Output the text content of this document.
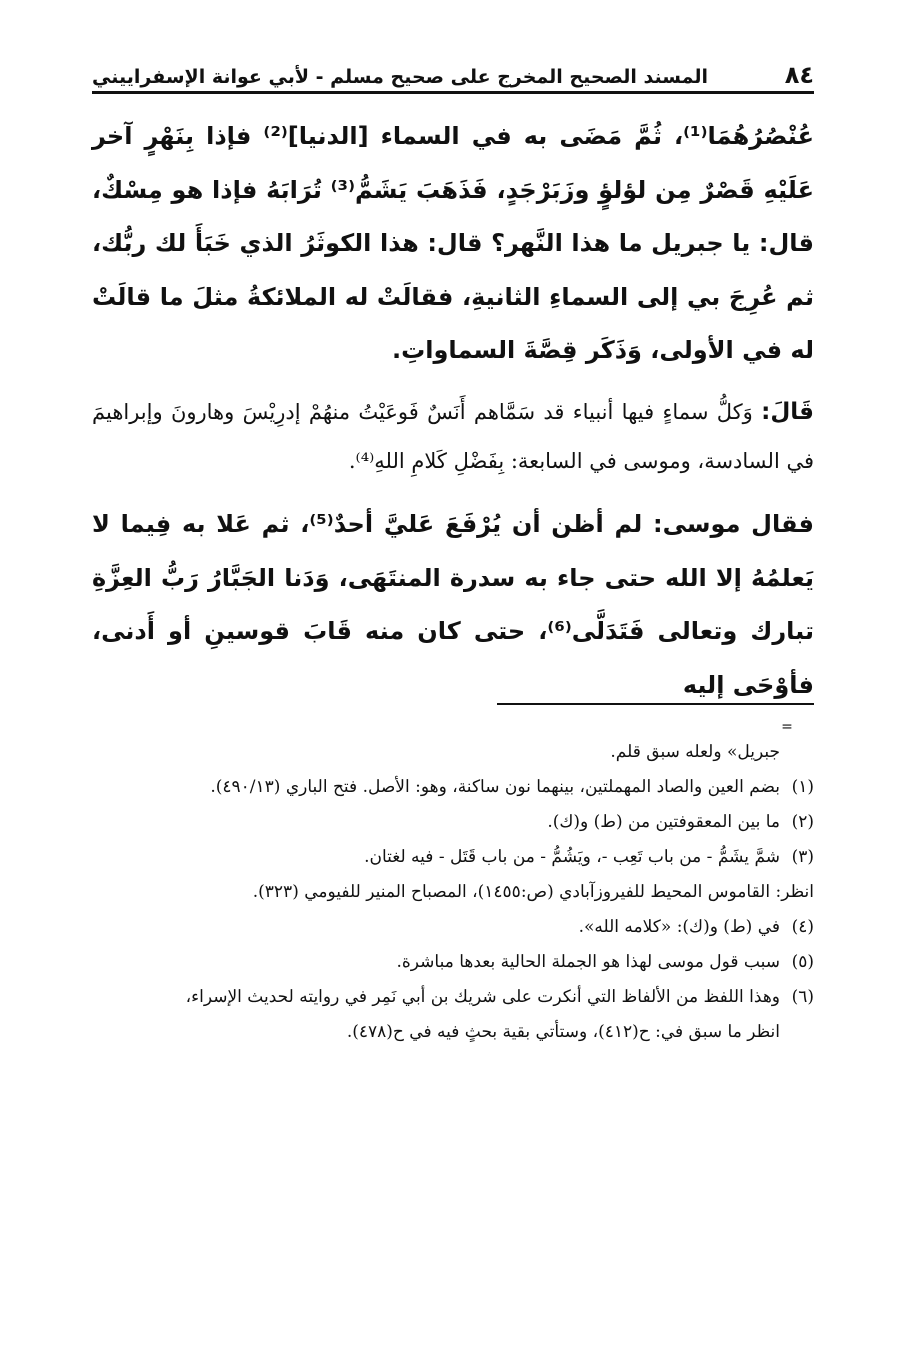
٨٤
المسند الصحيح المخرج على صحيح مسلم - لأبي عوانة الإسفراييني

عُنْصُرُهُمَا⁽¹⁾، ثُمَّ مَضَى به في السماء [الدنيا]⁽²⁾ فإذا بِنَهْرٍ آخر عَلَيْهِ قَصْرٌ مِن لؤلؤٍ وزَبَرْجَدٍ، فَذَهَبَ يَشَمُّ⁽³⁾ تُرَابَهُ فإذا هو مِسْكٌ، قال: يا جبريل ما هذا النَّهر؟ قال: هذا الكوثَرُ الذي خَبَأَ لك ربُّك، ثم عُرِجَ بي إلى السماءِ الثانيةِ، فقالَتْ له الملائكةُ مثلَ ما قالَتْ له في الأولى، وَذَكَر قِصَّةَ السماواتِ.

قَالَ: وَكلُّ سماءٍ فيها أنبياء قد سَمَّاهم أَنَسٌ فَوعَيْتُ منهُمْ إدرِيْسَ وهارونَ وإبراهيمَ في السادسة، وموسى في السابعة: بِفَضْلِ كَلامِ اللهِ⁽⁴⁾.

فقال موسى: لم أظن أن يُرْفَعَ عَليَّ أحدٌ⁽⁵⁾، ثم عَلا به فِيما لا يَعلمُهُ إلا الله حتى جاء به سدرة المنتَهَى، وَدَنا الجَبَّارُ رَبُّ العِزَّةِ تبارك وتعالى فَتَدَلَّى⁽⁶⁾، حتى كان منه قَابَ قوسينِ أو أَدنى، فأوْحَى إليه

=
جبريل» ولعله سبق قلم.
(١)
بضم العين والصاد المهملتين، بينهما نون ساكنة، وهو: الأصل. فتح الباري (٤٩٠/١٣).
(٢)
ما بين المعقوفتين من (ط) و(ك).
(٣)
شمَّ يشَمُّ - من باب تَعِب -، ويَشُمُّ - من باب قَتَل - فيه لغتان.
انظر: القاموس المحيط للفيروزآبادي (ص:١٤٥٥)، المصباح المنير للفيومي (٣٢٣).
(٤)
في (ط) و(ك): «كلامه الله».
(٥)
سبب قول موسى لهذا هو الجملة الحالية بعدها مباشرة.
(٦)
وهذا اللفظ من الألفاظ التي أنكرت على شريك بن أبي نَمِر في روايته لحديث الإسراء،
انظر ما سبق في: ح(٤١٢)، وستأتي بقية بحثٍ فيه في ح(٤٧٨).
